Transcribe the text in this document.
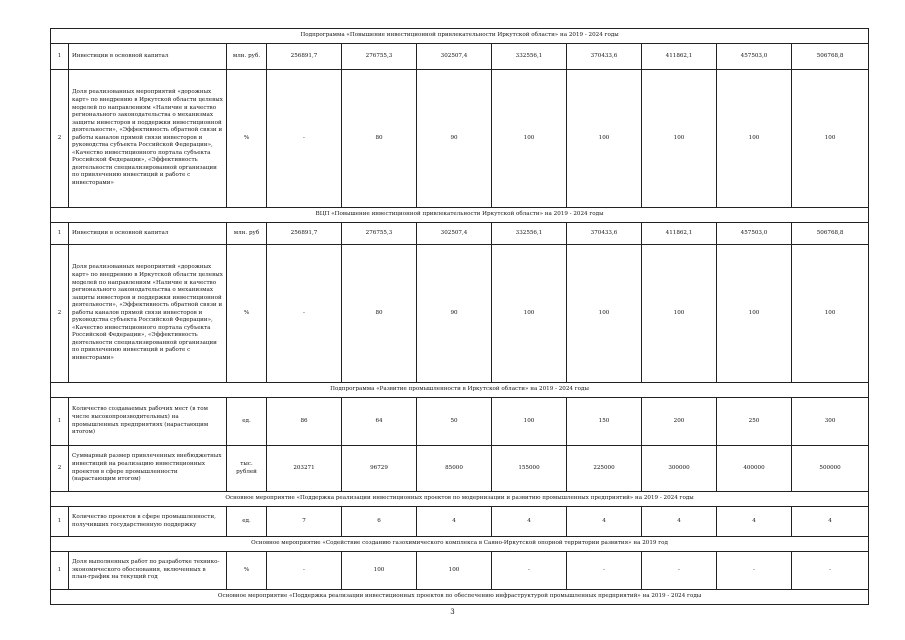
Подпрограмма «Повышение инвестиционной привлекательности Иркутской области» на 2019 - 2024 годы										
1	Инвестиции в основной капитал	млн. руб.	256891,7	276755,3	302507,4	332556,1	370433,6	411862,1	457503,0	506768,8
2	Доля реализованных мероприятий «дорожных карт» по внедрению в Иркутской области целевых моделей по направлениям «Наличие и качество регионального законодательства о механизмах защиты инвесторов и поддержки инвестиционной деятельности», «Эффективность обратной связи и работы каналов прямой связи инвесторов и руководства субъекта Российской Федерации», «Качество инвестиционного портала субъекта Российской Федерации», «Эффективность деятельности специализированной организации по привлечению инвестиций и работе с инвесторами»	%	-	80	90	100	100	100	100	100
ВЦП «Повышение инвестиционной привлекательности Иркутской области» на 2019 - 2024 годы										
1	Инвестиции в основной капитал	млн. руб	256891,7	276755,3	302507,4	332556,1	370433,6	411862,1	457503,0	506768,8
2	Доля реализованных мероприятий «дорожных карт» по внедрению в Иркутской области целевых моделей по направлениям «Наличие и качество регионального законодательства о механизмах защиты инвесторов и поддержки инвестиционной деятельности», «Эффективность обратной связи и работы каналов прямой связи инвесторов и руководства субъекта Российской Федерации», «Качество инвестиционного портала субъекта Российской Федерации», «Эффективность деятельности специализированной организации по привлечению инвестиций и работе с инвесторами»	%	-	80	90	100	100	100	100	100
Подпрограмма «Развитие промышленности в Иркутской области» на 2019 - 2024 годы										
1	Количество создаваемых рабочих мест (в том числе высокопроизводительных) на промышленных предприятиях (нарастающим итогом)	ед.	86	64	50	100	150	200	250	300
2	Суммарный размер привлеченных внебюджетных инвестиций на реализацию инвестиционных проектов в сфере промышленности (нарастающим итогом)	тыс. рублей	203271	96729	85000	155000	225000	300000	400000	500000
Основное мероприятие «Поддержка реализации инвестиционных проектов по модернизации и развитию промышленных предприятий» на 2019 - 2024 годы										
1	Количество проектов в сфере промышленности, получивших государственную поддержку	ед.	7	6	4	4	4	4	4	4
Основное мероприятие «Содействие созданию газохимического комплекса в Саяно-Иркутской опорной территории развития» на 2019 год										
1	Доля выполненных работ по разработке технико-экономического обоснования, включенных в план-график на текущий год	%	-	100	100	-	-	-	-	-
Основное мероприятие «Поддержка реализации инвестиционных проектов по обеспечению инфраструктурой промышленных предприятий» на 2019 - 2024 годы										
3
